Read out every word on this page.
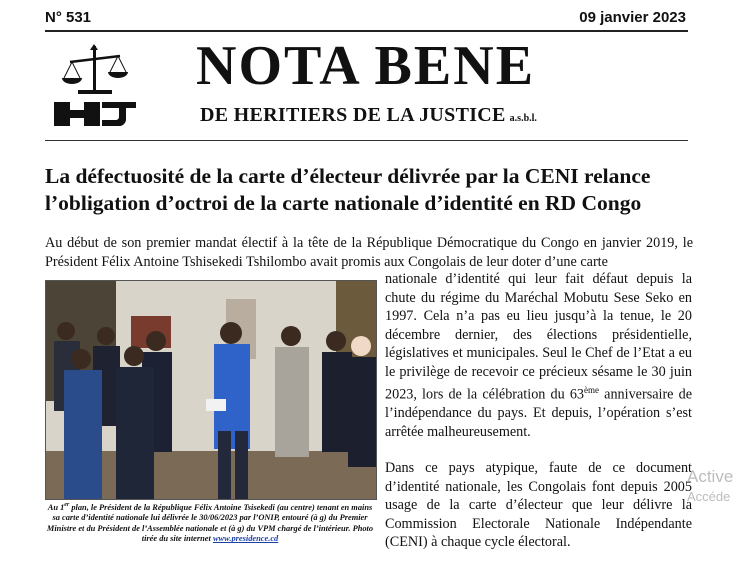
N° 531	09 janvier 2023
NOTA BENE
DE HERITIERS DE LA JUSTICE a.s.b.l.
La défectuosité de la carte d’électeur délivrée par la CENI relance l’obligation d’octroi de la carte nationale d’identité en RD Congo

Au début de son premier mandat électif à la tête de la République Démocratique du Congo en janvier 2019, le Président Félix Antoine Tshisekedi Tshilombo avait promis aux Congolais de leur doter d’une carte

Au 1er plan, le Président de la République Félix Antoine Tsisekedi (au centre) tenant en mains sa carte d’identité nationale lui délivrée le 30/06/2023 par l’ONIP, entouré (à g) du Premier Ministre et du Président de l’Assemblée nationale et (à g) du VPM chargé de l’intérieur. Photo tirée du site internet www.presidence.cd

nationale d’identité qui leur fait défaut depuis la chute du régime du Maréchal Mobutu Sese Seko en 1997. Cela n’a pas eu lieu jusqu’à la tenue, le 20 décembre dernier, des élections présidentielle, législatives et municipales. Seul le Chef de l’Etat a eu le privilège de recevoir ce précieux sésame le 30 juin 2023, lors de la célébration du 63ème anniversaire de l’indépendance du pays. Et depuis, l’opération s’est arrêtée malheureusement.

Dans ce pays atypique, faute de ce document d’identité nationale, les Congolais font depuis 2005 usage de la carte d’électeur que leur délivre la Commission Electorale Nationale Indépendante (CENI) à chaque cycle électoral.

Active
Accéde
